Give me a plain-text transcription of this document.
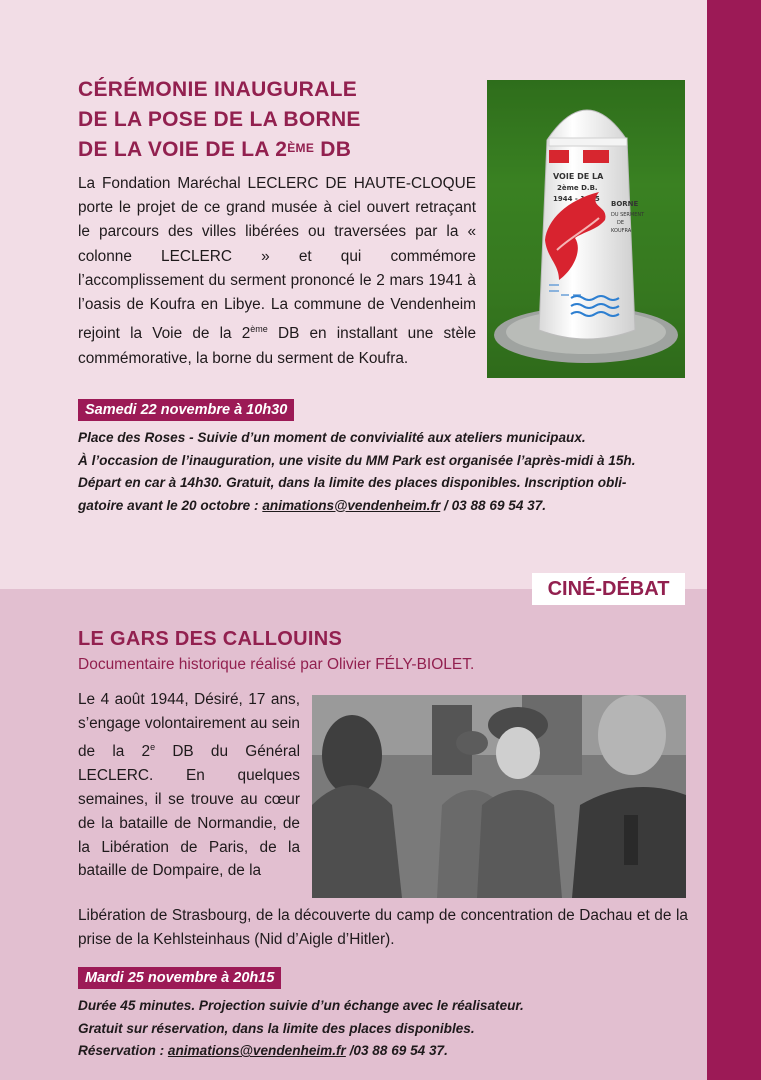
CÉRÉMONIE INAUGURALE
DE LA POSE DE LA BORNE
DE LA VOIE DE LA 2ÈME DB

La Fondation Maréchal LECLERC DE HAUTE-CLOQUE porte le projet de ce grand musée à ciel ouvert retraçant le parcours des villes libérées ou traversées par la « colonne LECLERC » et qui commémore l’accomplissement du serment prononcé le 2 mars 1941 à l’oasis de Koufra en Libye. La commune de Vendenheim rejoint la Voie de la 2ème DB en installant une stèle commémorative, la borne du serment de Koufra.

VOIE DE LA
2ème D.B.
1944 - 1945
BORNE
DU SERMENT
DE
KOUFRA
Samedi 22 novembre à 10h30

Place des Roses - Suivie d’un moment de convivialité aux ateliers municipaux.
À l’occasion de l’inauguration, une visite du MM Park est organisée l’après-midi à 15h.
Départ en car à 14h30. Gratuit, dans la limite des places disponibles. Inscription obli-
gatoire avant le 20 octobre : animations@vendenheim.fr / 03 88 69 54 37.

CINÉ-DÉBAT
LE GARS DES CALLOUINS

Documentaire historique réalisé par Olivier FÉLY-BIOLET.

Le 4 août 1944, Désiré, 17 ans, s’engage volontairement au sein de la 2e DB du Général LECLERC. En quelques semaines, il se trouve au cœur de la bataille de Normandie, de la Libération de Paris, de la bataille de Dompaire, de la

Libération de Strasbourg, de la découverte du camp de concentration de Dachau et de la prise de la Kehlsteinhaus (Nid d’Aigle d’Hitler).

Mardi 25 novembre à 20h15

Durée 45 minutes. Projection suivie d’un échange avec le réalisateur.
Gratuit sur réservation, dans la limite des places disponibles.
Réservation : animations@vendenheim.fr /03 88 69 54 37.
